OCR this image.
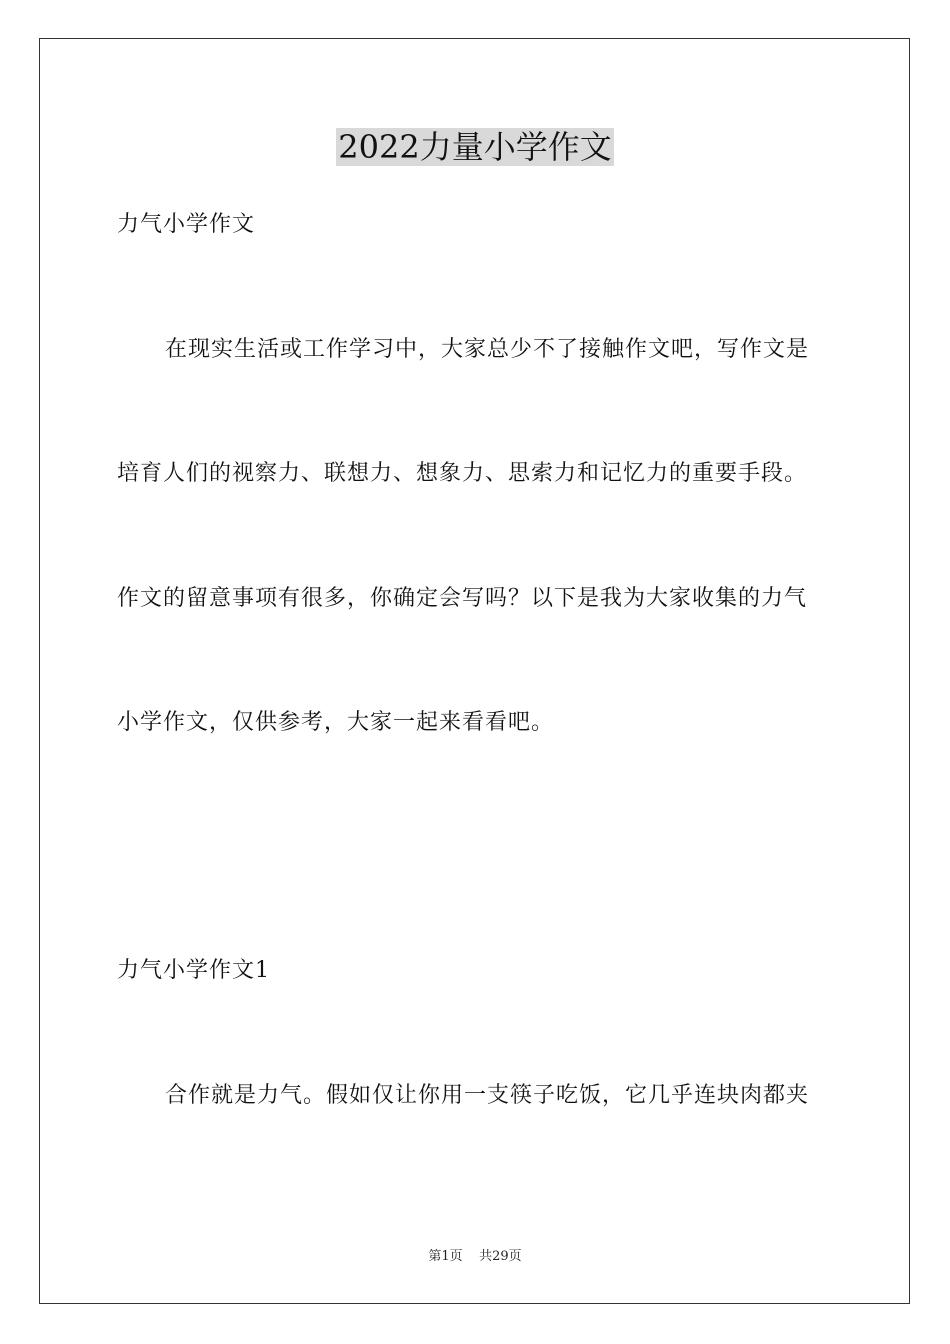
2022力量小学作文

力气小学作文

在现实生活或工作学习中，大家总少不了接触作文吧，写作文是

培育人们的视察力、联想力、想象力、思索力和记忆力的重要手段。

作文的留意事项有很多，你确定会写吗？以下是我为大家收集的力气

小学作文，仅供参考，大家一起来看看吧。

力气小学作文1

合作就是力气。假如仅让你用一支筷子吃饭，它几乎连块肉都夹

第1页 共29页
